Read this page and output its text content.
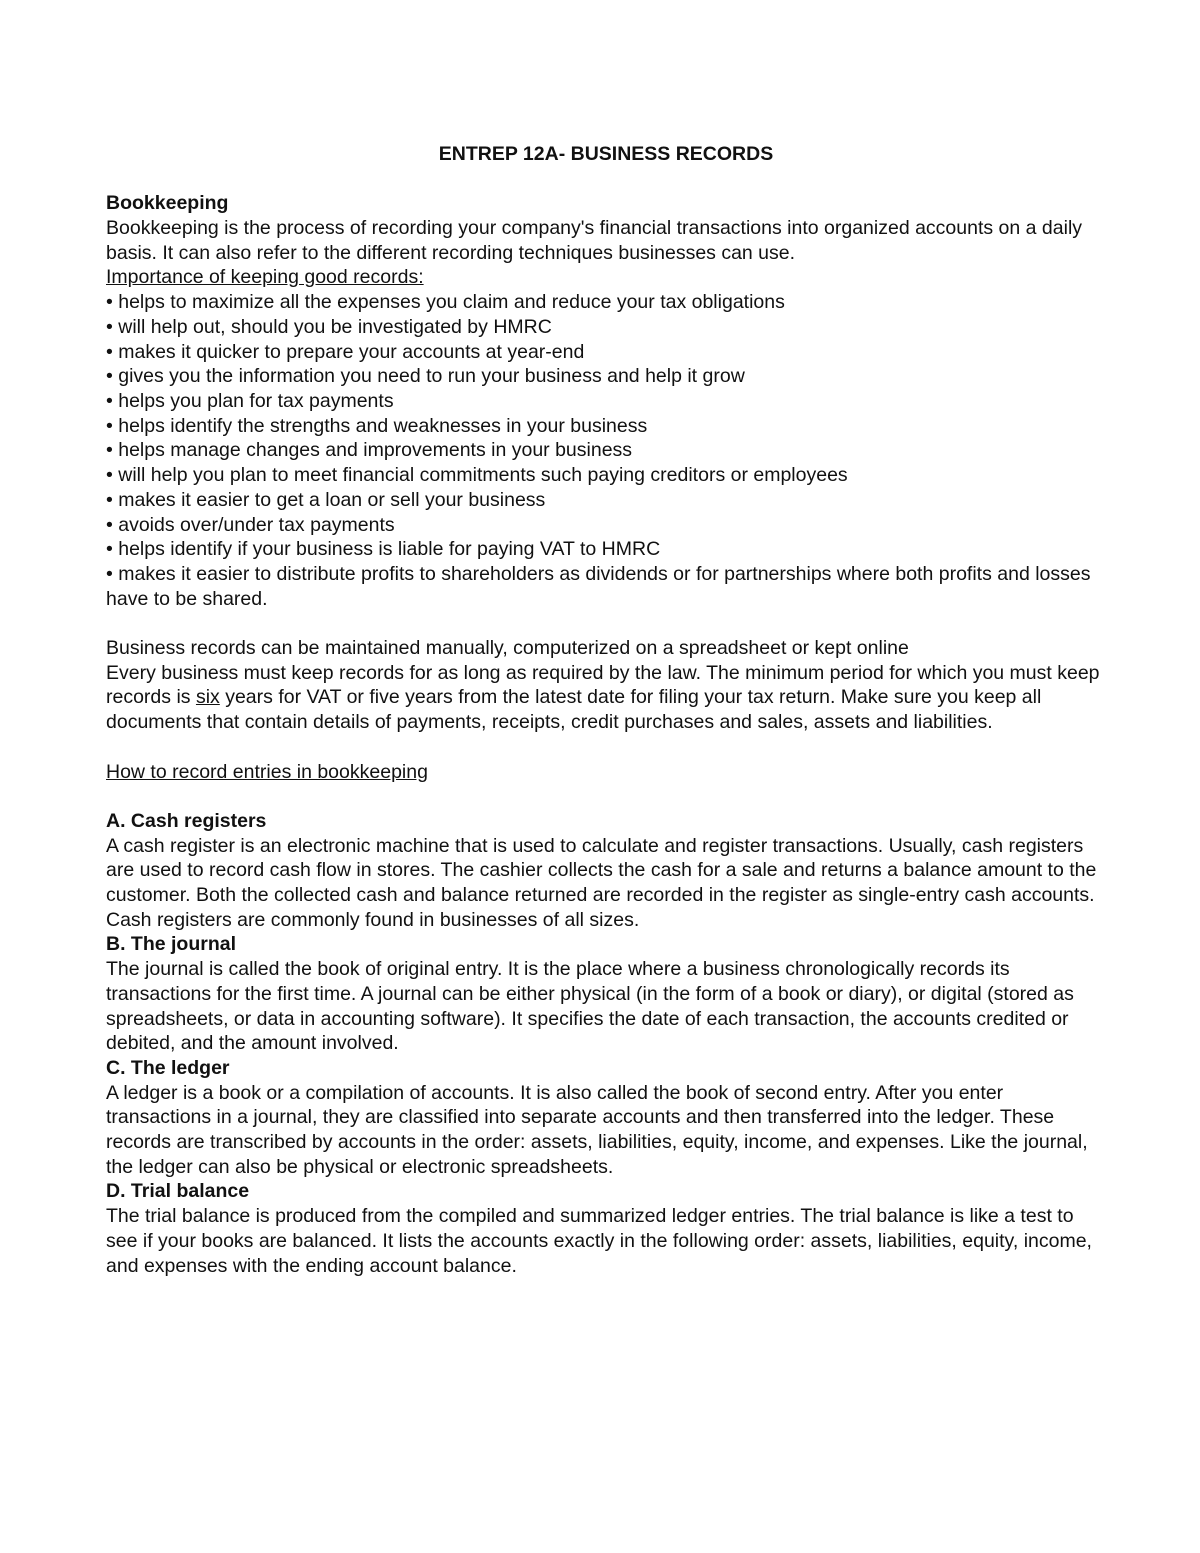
ENTREP 12A- BUSINESS RECORDS
Bookkeeping

Bookkeeping is the process of recording your company's financial transactions into organized accounts on a daily basis. It can also refer to the different recording techniques businesses can use.

Importance of keeping good records:

• helps to maximize all the expenses you claim and reduce your tax obligations
• will help out, should you be investigated by HMRC
• makes it quicker to prepare your accounts at year-end
• gives you the information you need to run your business and help it grow
• helps you plan for tax payments
• helps identify the strengths and weaknesses in your business
• helps manage changes and improvements in your business
• will help you plan to meet financial commitments such paying creditors or employees
• makes it easier to get a loan or sell your business
• avoids over/under tax payments
• helps identify if your business is liable for paying VAT to HMRC
• makes it easier to distribute profits to shareholders as dividends or for partnerships where both profits and losses have to be shared.

Business records can be maintained manually, computerized on a spreadsheet or kept online

Every business must keep records for as long as required by the law. The minimum period for which you must keep records is six years for VAT or five years from the latest date for filing your tax return. Make sure you keep all documents that contain details of payments, receipts, credit purchases and sales, assets and liabilities.

How to record entries in bookkeeping

A. Cash registers

A cash register is an electronic machine that is used to calculate and register transactions. Usually, cash registers are used to record cash flow in stores. The cashier collects the cash for a sale and returns a balance amount to the customer. Both the collected cash and balance returned are recorded in the register as single-entry cash accounts. Cash registers are commonly found in businesses of all sizes.

B. The journal

The journal is called the book of original entry. It is the place where a business chronologically records its transactions for the first time. A journal can be either physical (in the form of a book or diary), or digital (stored as spreadsheets, or data in accounting software). It specifies the date of each transaction, the accounts credited or debited, and the amount involved.

C. The ledger

A ledger is a book or a compilation of accounts. It is also called the book of second entry. After you enter transactions in a journal, they are classified into separate accounts and then transferred into the ledger. These records are transcribed by accounts in the order: assets, liabilities, equity, income, and expenses. Like the journal, the ledger can also be physical or electronic spreadsheets.

D. Trial balance

The trial balance is produced from the compiled and summarized ledger entries. The trial balance is like a test to see if your books are balanced. It lists the accounts exactly in the following order: assets, liabilities, equity, income, and expenses with the ending account balance.
